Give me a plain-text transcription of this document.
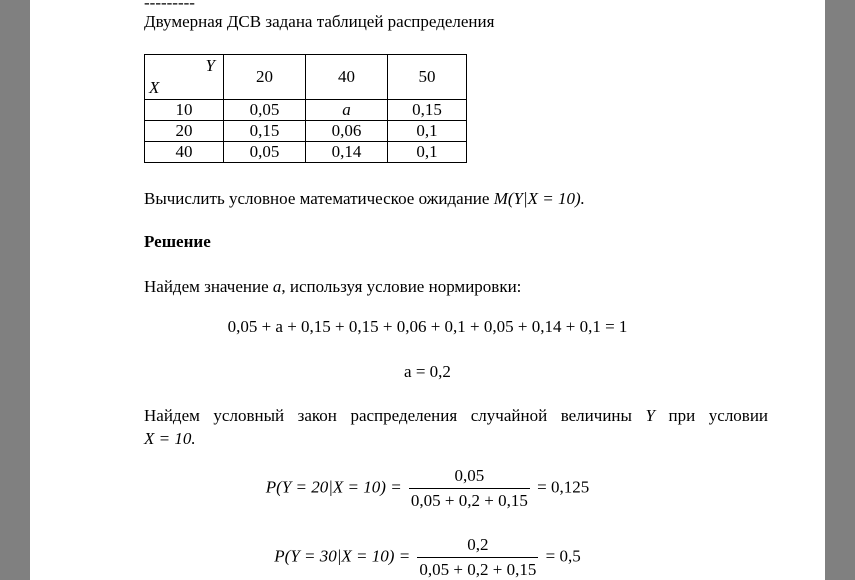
---------
Двумерная ДСВ задана таблицей распределения
Y
X	20	40	50
10	0,05	a	0,15
20	0,15	0,06	0,1
40	0,05	0,14	0,1
Вычислить условное математическое ожидание M(Y|X = 10).
Решение
Найдем значение a, используя условие нормировки:
0,05 + a + 0,15 + 0,15 + 0,06 + 0,1 + 0,05 + 0,14 + 0,1 = 1
a = 0,2
Найдем условный закон распределения случайной величины Y при условии
X = 10.
$P(Y = 20|X = 10) = \frac{0,05}{0,05 + 0,2 + 0,15} = 0,125$
$P(Y = 30|X = 10) = \frac{0,2}{0,05 + 0,2 + 0,15} = 0,5$
